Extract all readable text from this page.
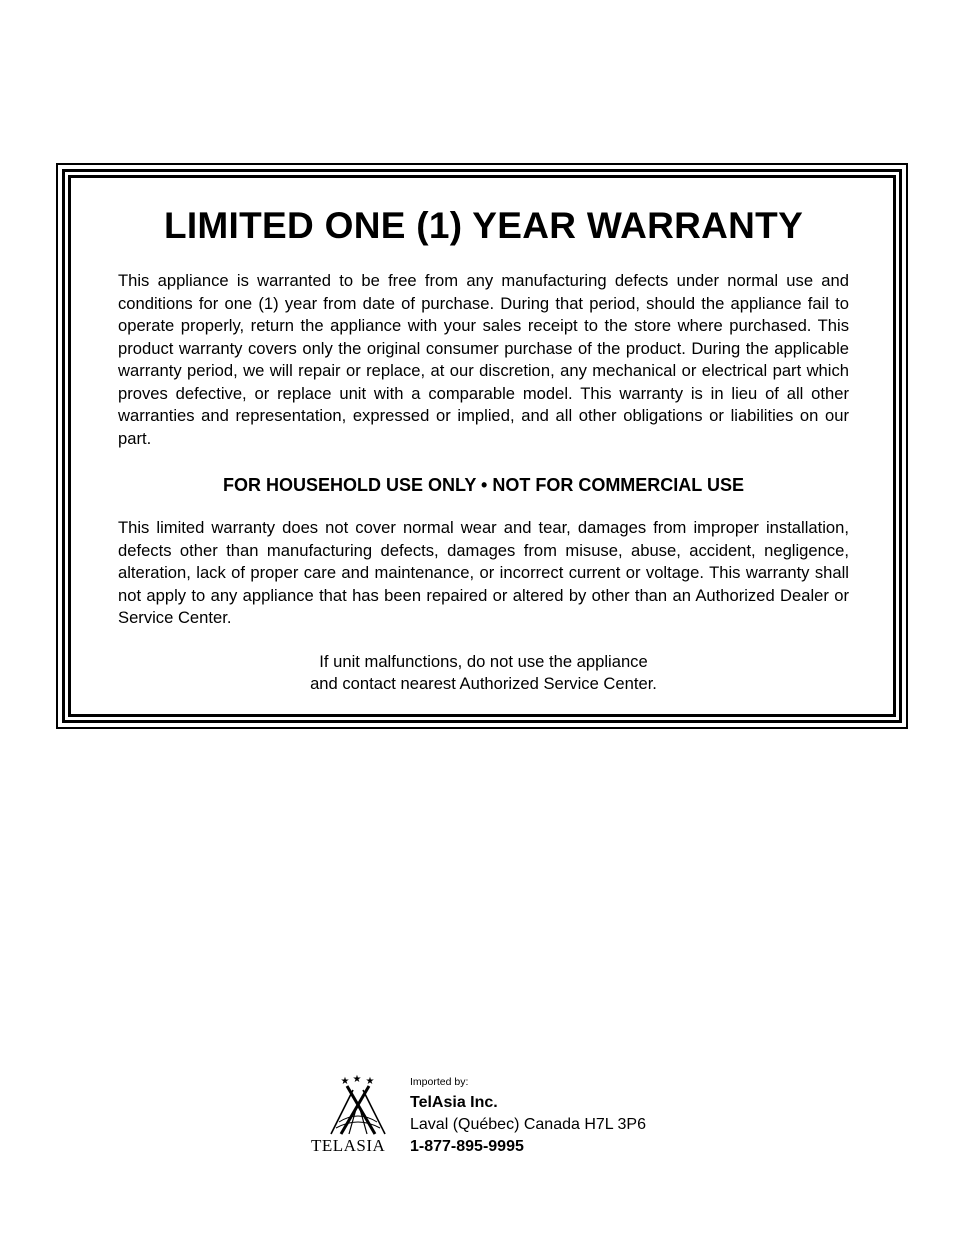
LIMITED ONE (1) YEAR WARRANTY

This appliance is warranted to be free from any manufacturing defects under normal use and conditions for one (1) year from date of purchase. During that period, should the appliance fail to operate properly, return the appliance with your sales receipt to the store where purchased. This product warranty covers only the original consumer purchase of the product. During the applicable warranty period, we will repair or replace, at our discretion, any mechanical or electrical part which proves defective, or replace unit with a comparable model. This warranty is in lieu of all other warranties and representation, expressed or implied, and all other obligations or liabilities on our part.

FOR HOUSEHOLD USE ONLY • NOT FOR COMMERCIAL USE

This limited warranty does not cover normal wear and tear, damages from improper installation, defects other than manufacturing defects, damages from misuse, abuse, accident, negligence, alteration, lack of proper care and maintenance, or incorrect current or voltage. This warranty shall not apply to any appliance that has been repaired or altered by other than an Authorized Dealer or Service Center.

If unit malfunctions, do not use the appliance
and contact nearest Authorized Service Center.

★ ★ ★
TELASIA

Imported by:

TelAsia Inc.

Laval (Québec) Canada H7L 3P6

1-877-895-9995
